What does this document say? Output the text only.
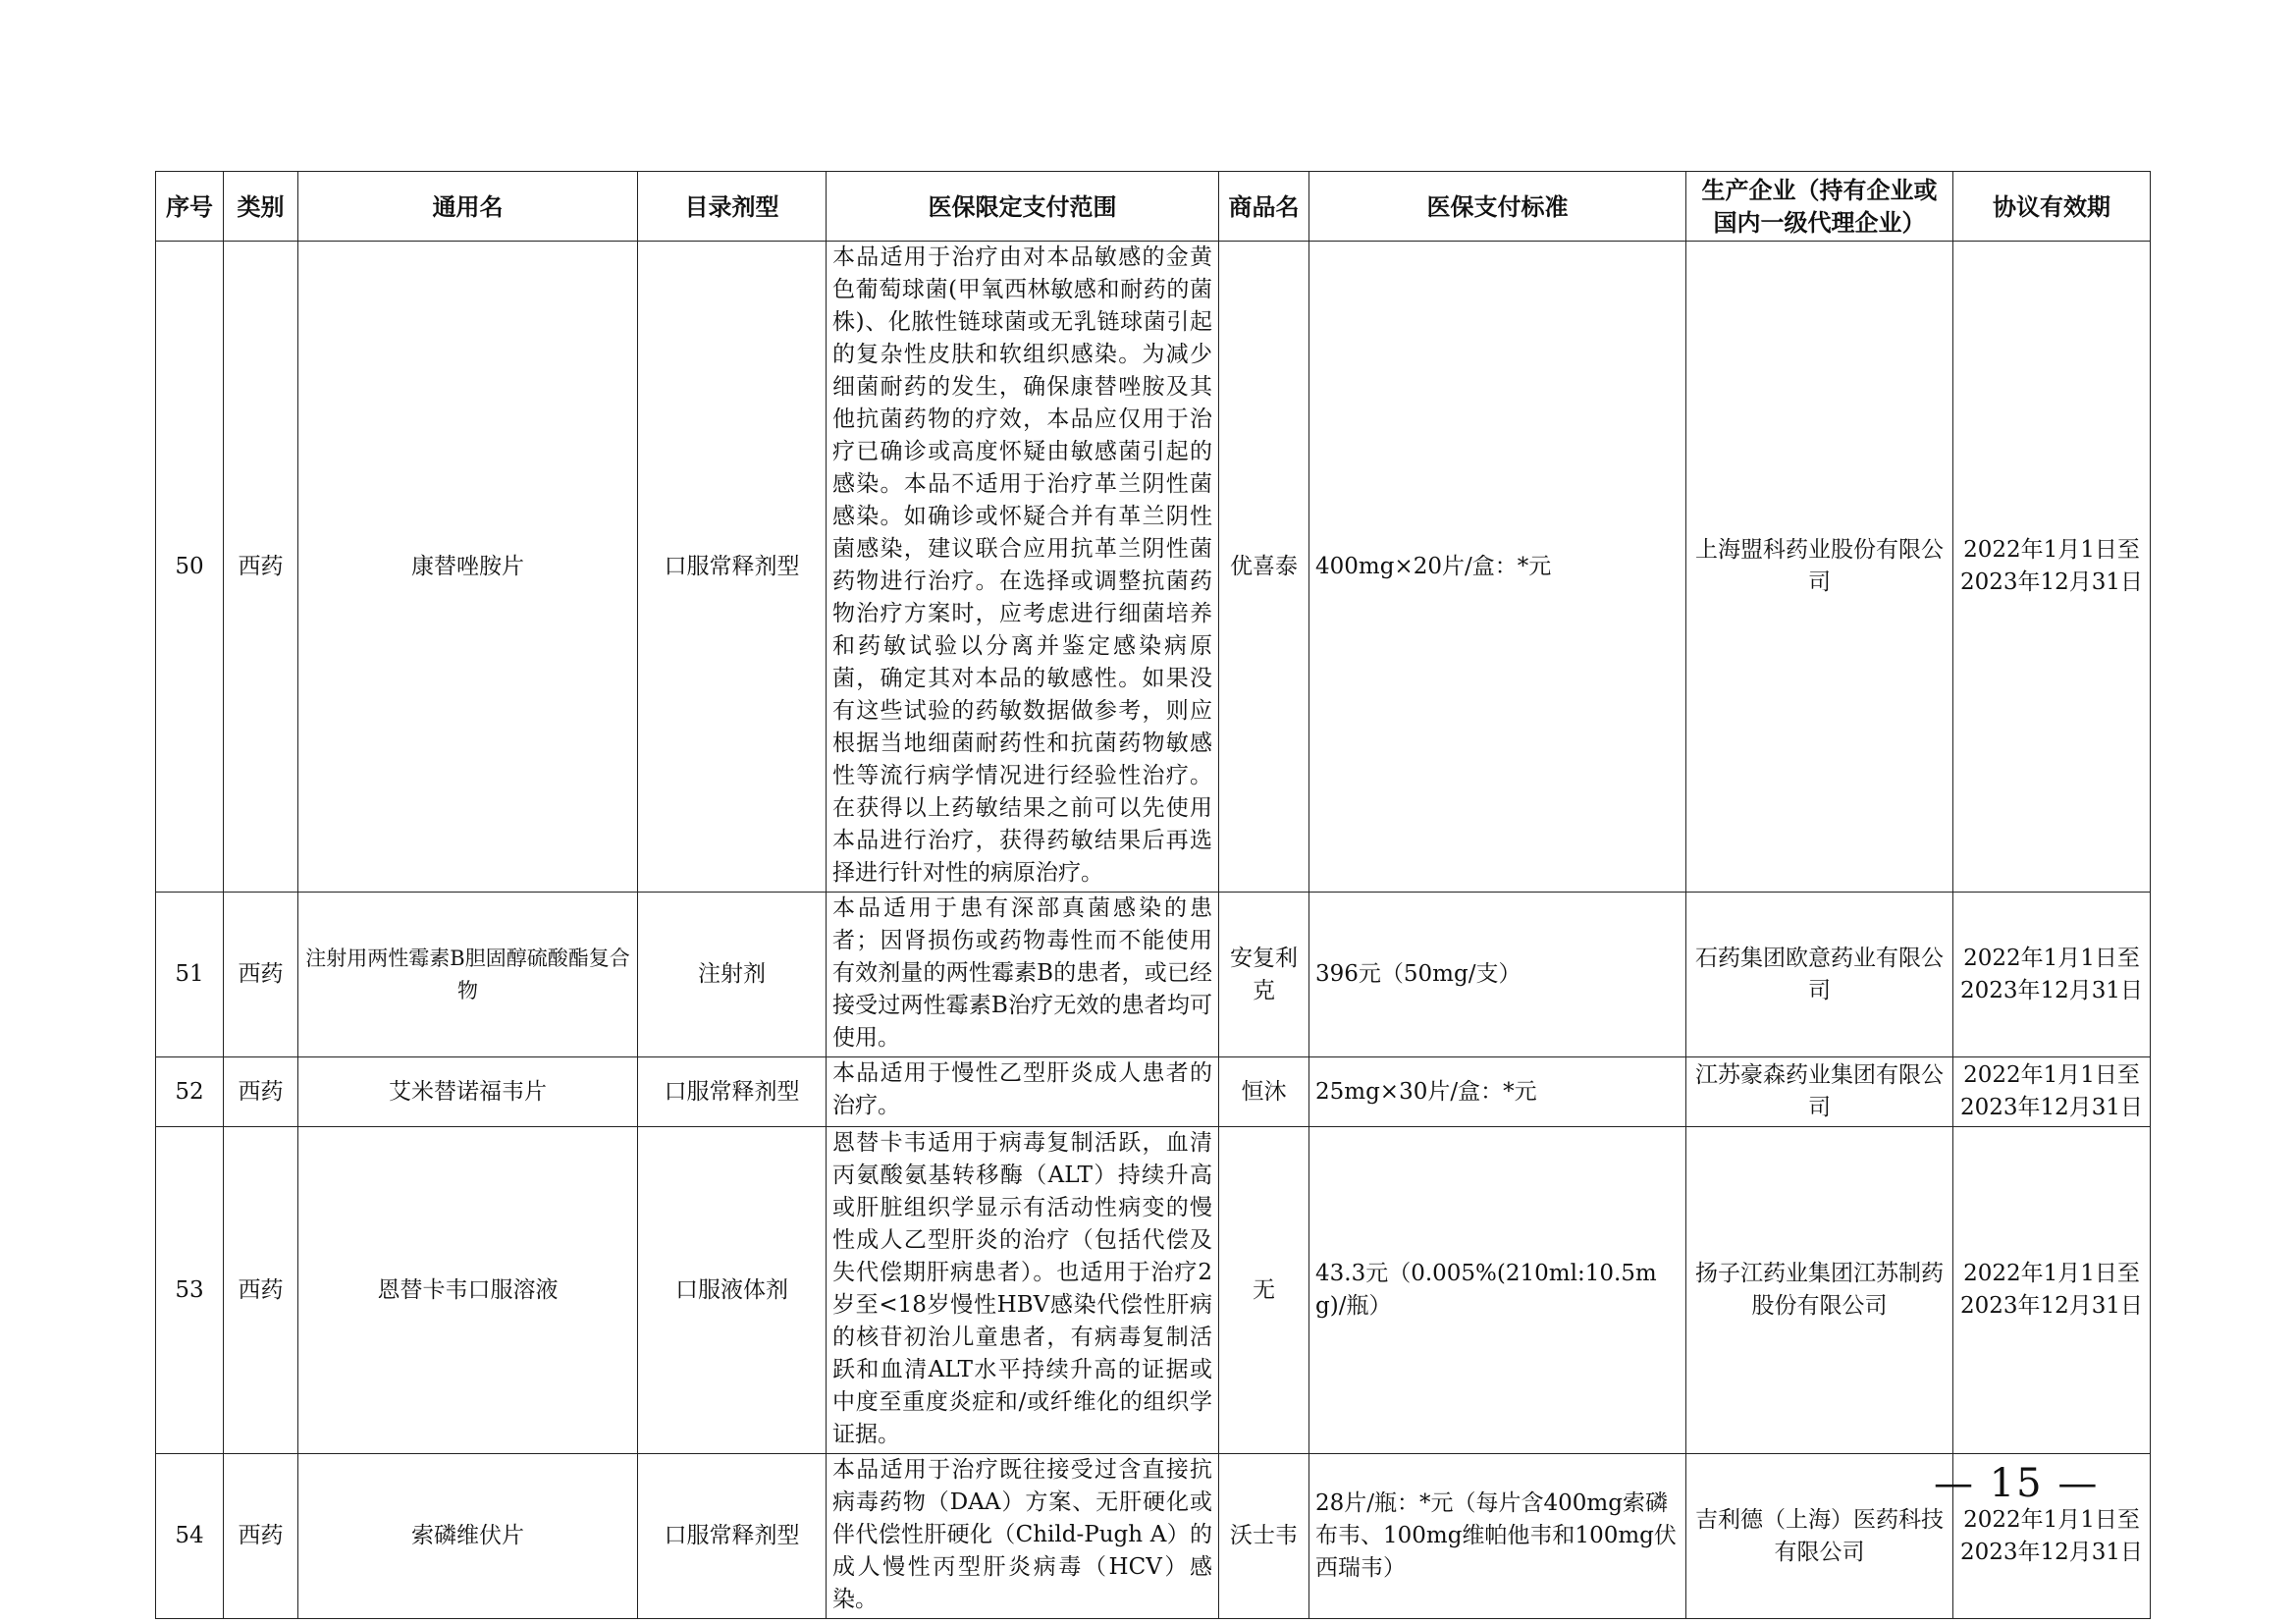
序号	类别	通用名	目录剂型	医保限定支付范围	商品名	医保支付标准	生产企业（持有企业或国内一级代理企业）	协议有效期
50	西药	康替唑胺片	口服常释剂型	本品适用于治疗由对本品敏感的金黄色葡萄球菌(甲氧西林敏感和耐药的菌株)、化脓性链球菌或无乳链球菌引起的复杂性皮肤和软组织感染。为减少细菌耐药的发生，确保康替唑胺及其他抗菌药物的疗效，本品应仅用于治疗已确诊或高度怀疑由敏感菌引起的感染。本品不适用于治疗革兰阴性菌感染。如确诊或怀疑合并有革兰阴性菌感染，建议联合应用抗革兰阴性菌药物进行治疗。在选择或调整抗菌药物治疗方案时，应考虑进行细菌培养和药敏试验以分离并鉴定感染病原菌，确定其对本品的敏感性。如果没有这些试验的药敏数据做参考，则应根据当地细菌耐药性和抗菌药物敏感性等流行病学情况进行经验性治疗。在获得以上药敏结果之前可以先使用本品进行治疗，获得药敏结果后再选择进行针对性的病原治疗。	优喜泰	400mg×20片/盒：*元	上海盟科药业股份有限公司	2022年1月1日至2023年12月31日
51	西药	注射用两性霉素B胆固醇硫酸酯复合物	注射剂	本品适用于患有深部真菌感染的患者；因肾损伤或药物毒性而不能使用有效剂量的两性霉素B的患者，或已经接受过两性霉素B治疗无效的患者均可使用。	安复利克	396元（50mg/支）	石药集团欧意药业有限公司	2022年1月1日至2023年12月31日
52	西药	艾米替诺福韦片	口服常释剂型	本品适用于慢性乙型肝炎成人患者的治疗。	恒沐	25mg×30片/盒：*元	江苏豪森药业集团有限公司	2022年1月1日至2023年12月31日
53	西药	恩替卡韦口服溶液	口服液体剂	恩替卡韦适用于病毒复制活跃，血清丙氨酸氨基转移酶（ALT）持续升高或肝脏组织学显示有活动性病变的慢性成人乙型肝炎的治疗（包括代偿及失代偿期肝病患者）。也适用于治疗2岁至<18岁慢性HBV感染代偿性肝病的核苷初治儿童患者，有病毒复制活跃和血清ALT水平持续升高的证据或中度至重度炎症和/或纤维化的组织学证据。	无	43.3元（0.005%(210ml:10.5mg)/瓶）	扬子江药业集团江苏制药股份有限公司	2022年1月1日至2023年12月31日
54	西药	索磷维伏片	口服常释剂型	本品适用于治疗既往接受过含直接抗病毒药物（DAA）方案、无肝硬化或伴代偿性肝硬化（Child-Pugh A）的成人慢性丙型肝炎病毒（HCV）感染。	沃士韦	28片/瓶：*元（每片含400mg索磷布韦、100mg维帕他韦和100mg伏西瑞韦）	吉利德（上海）医药科技有限公司	2022年1月1日至2023年12月31日
— 15 —
